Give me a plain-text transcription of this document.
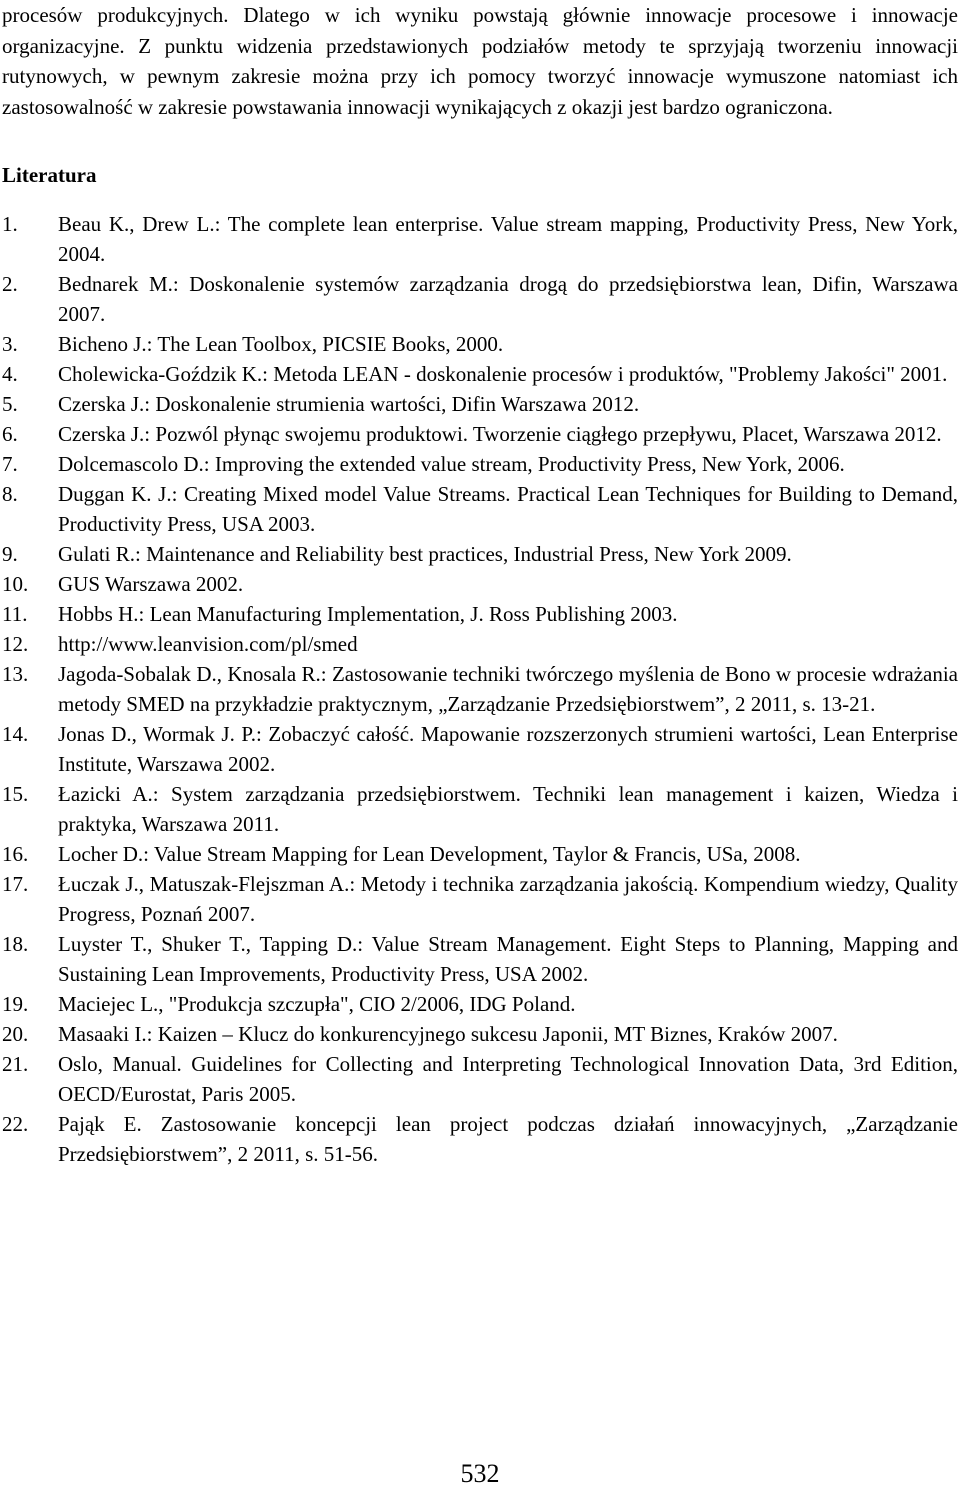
procesów produkcyjnych. Dlatego w ich wyniku powstają głównie innowacje procesowe i innowacje organizacyjne. Z punktu widzenia przedstawionych podziałów metody te sprzyjają tworzeniu innowacji rutynowych, w pewnym zakresie można przy ich pomocy tworzyć innowacje wymuszone natomiast ich zastosowalność w zakresie powstawania innowacji wynikających z okazji jest bardzo ograniczona.

Literatura
1.	Beau K., Drew L.: The complete lean enterprise. Value stream mapping, Productivity Press, New York, 2004.
2.	Bednarek M.: Doskonalenie systemów zarządzania drogą do przedsiębiorstwa lean, Difin, Warszawa 2007.
3.	Bicheno J.: The Lean Toolbox, PICSIE Books, 2000.
4.	Cholewicka-Goździk K.: Metoda LEAN - doskonalenie procesów i produktów, "Problemy Jakości" 2001.
5.	Czerska J.: Doskonalenie strumienia wartości, Difin Warszawa 2012.
6.	Czerska J.: Pozwól płynąc swojemu produktowi. Tworzenie ciągłego przepływu, Placet, Warszawa 2012.
7.	Dolcemascolo D.: Improving the extended value stream, Productivity Press, New York, 2006.
8.	Duggan K. J.: Creating Mixed model Value Streams. Practical Lean Techniques for Building to Demand, Productivity Press, USA 2003.
9.	Gulati R.: Maintenance and Reliability best practices, Industrial Press, New York 2009.
10.	GUS Warszawa 2002.
11.	Hobbs H.: Lean Manufacturing Implementation, J. Ross Publishing 2003.
12.	http://www.leanvision.com/pl/smed
13.	Jagoda-Sobalak D., Knosala R.: Zastosowanie techniki twórczego myślenia de Bono w procesie wdrażania metody SMED na przykładzie praktycznym, „Zarządzanie Przedsiębiorstwem”, 2 2011, s. 13-21.
14.	Jonas D., Wormak J. P.: Zobaczyć całość. Mapowanie rozszerzonych strumieni wartości, Lean Enterprise Institute, Warszawa 2002.
15.	Łazicki A.: System zarządzania przedsiębiorstwem. Techniki lean management i kaizen, Wiedza i praktyka, Warszawa 2011.
16.	Locher D.: Value Stream Mapping for Lean Development, Taylor & Francis, USa, 2008.
17.	Łuczak J., Matuszak-Flejszman A.: Metody i technika zarządzania jakością. Kompendium wiedzy, Quality Progress, Poznań 2007.
18.	Luyster T., Shuker T., Tapping D.: Value Stream Management. Eight Steps to Planning, Mapping and Sustaining Lean Improvements, Productivity Press, USA 2002.
19.	Maciejec L., "Produkcja szczupła", CIO 2/2006, IDG Poland.
20.	Masaaki I.: Kaizen – Klucz do konkurencyjnego sukcesu Japonii, MT Biznes, Kraków 2007.
21.	Oslo, Manual. Guidelines for Collecting and Interpreting Technological Innovation Data, 3rd Edition, OECD/Eurostat, Paris 2005.
22.	Pająk E. Zastosowanie koncepcji lean project podczas działań innowacyjnych, „Zarządzanie Przedsiębiorstwem”, 2 2011, s. 51-56.
532
